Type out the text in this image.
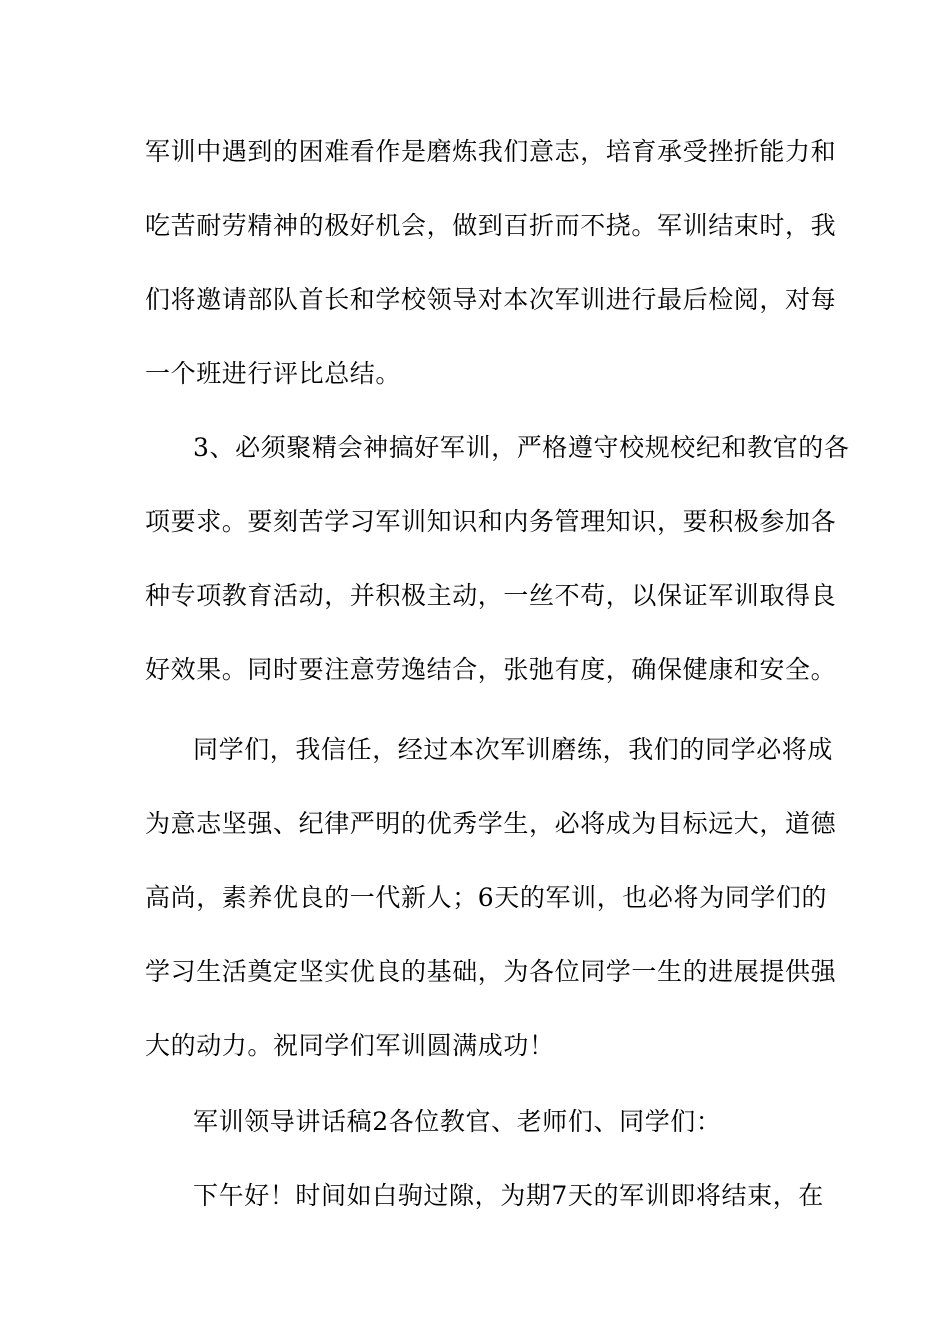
军训中遇到的困难看作是磨炼我们意志，培育承受挫折能力和
吃苦耐劳精神的极好机会，做到百折而不挠。军训结束时，我
们将邀请部队首长和学校领导对本次军训进行最后检阅，对每
一个班进行评比总结。
3、必须聚精会神搞好军训，严格遵守校规校纪和教官的各
项要求。要刻苦学习军训知识和内务管理知识，要积极参加各
种专项教育活动，并积极主动，一丝不苟，以保证军训取得良
好效果。同时要注意劳逸结合，张弛有度，确保健康和安全。
同学们，我信任，经过本次军训磨练，我们的同学必将成
为意志坚强、纪律严明的优秀学生，必将成为目标远大，道德
高尚，素养优良的一代新人；6天的军训，也必将为同学们的
学习生活奠定坚实优良的基础，为各位同学一生的进展提供强
大的动力。祝同学们军训圆满成功！
军训领导讲话稿2各位教官、老师们、同学们：
下午好！时间如白驹过隙，为期7天的军训即将结束，在
